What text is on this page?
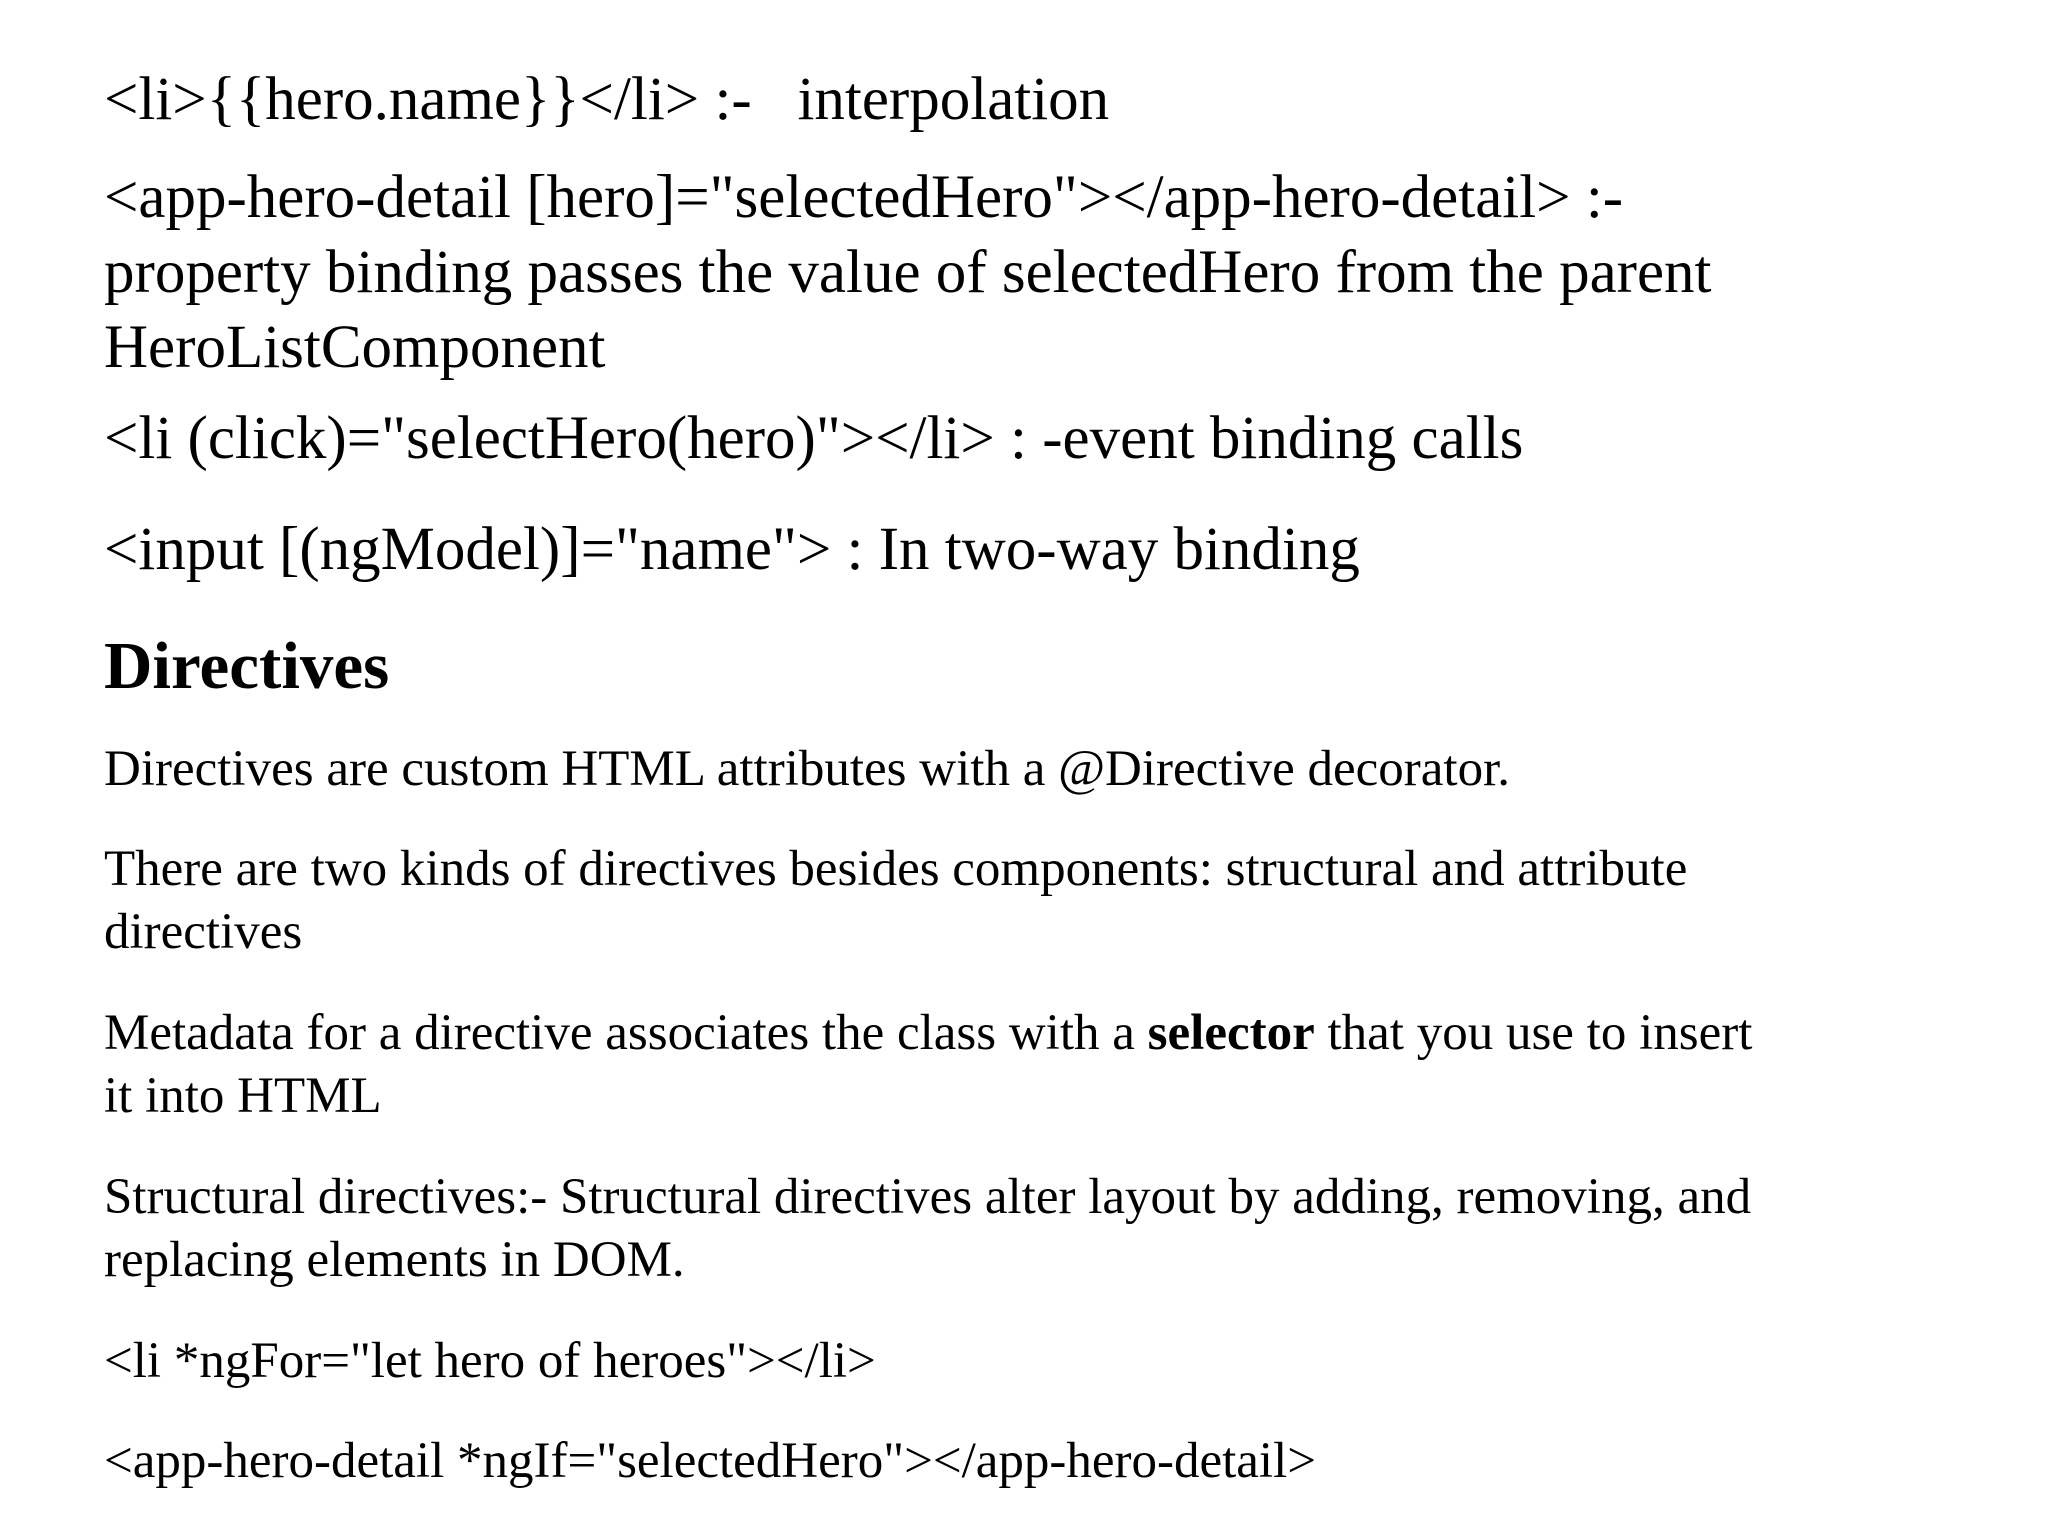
<li>{{hero.name}}</li> :-   interpolation
<app-hero-detail [hero]="selectedHero"></app-hero-detail> :-
property binding passes the value of selectedHero from the parent
HeroListComponent
<li (click)="selectHero(hero)"></li> : -event binding calls
<input [(ngModel)]="name"> : In two-way binding
Directives
Directives are custom HTML attributes with a @Directive decorator.
There are two kinds of directives besides components: structural and attribute
directives
Metadata for a directive associates the class with a selector that you use to insert
it into HTML
Structural directives:- Structural directives alter layout by adding, removing, and
replacing elements in DOM.
<li *ngFor="let hero of heroes"></li>
<app-hero-detail *ngIf="selectedHero"></app-hero-detail>
